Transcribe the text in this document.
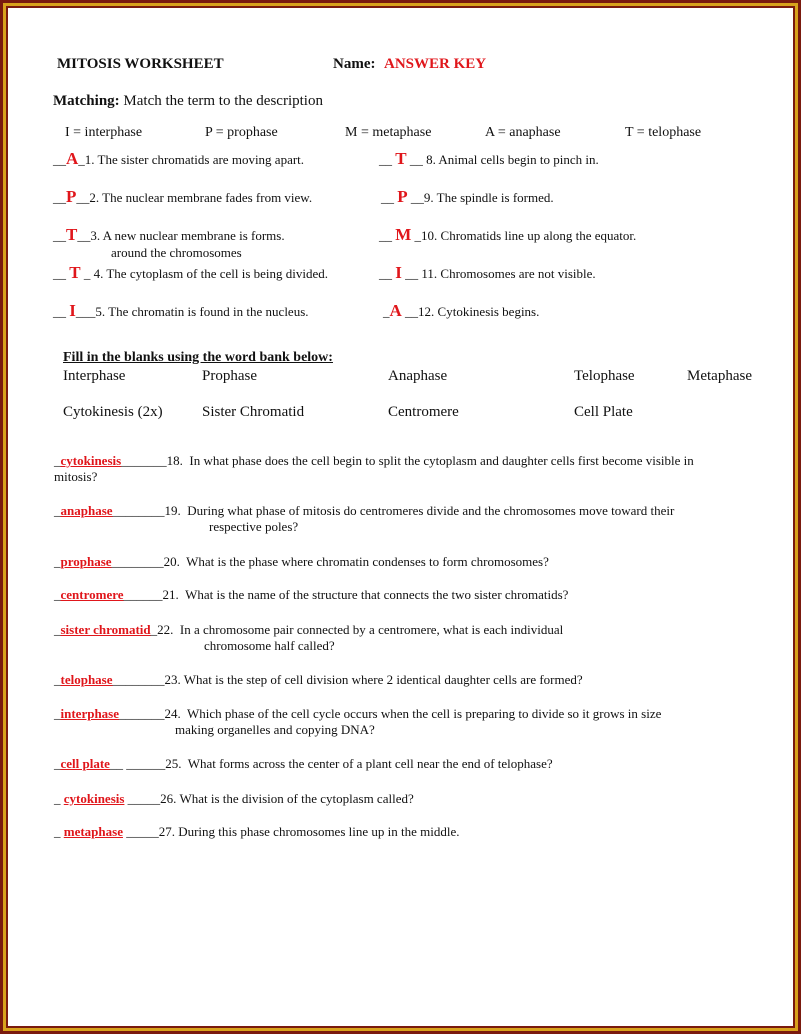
MITOSIS WORKSHEET	Name: ANSWER KEY
Matching: Match the term to the description
I = interphase	P = prophase	M = metaphase	A = anaphase	T = telophase
__A_1. The sister chromatids are moving apart.
__P__2. The nuclear membrane fades from view.
__T__3. A new nuclear membrane is forms.
around the chromosomes
__ T _ 4. The cytoplasm of the cell is being divided.
__ I___5. The chromatin is found in the nucleus.
__ T __ 8. Animal cells begin to pinch in.
__ P __9. The spindle is formed.
__ M _10. Chromatids line up along the equator.
__ I __ 11. Chromosomes are not visible.
_A __12. Cytokinesis begins.
Fill in the blanks using the word bank below:
Interphase	Prophase	Anaphase	Telophase	Metaphase
Cytokinesis (2x)	Sister Chromatid	Centromere	Cell Plate
_cytokinesis_______18. In what phase does the cell begin to split the cytoplasm and daughter cells first become visible in
mitosis?
_anaphase________19. During what phase of mitosis do centromeres divide and the chromosomes move toward their
respective poles?
_prophase________20. What is the phase where chromatin condenses to form chromosomes?
_centromere______21. What is the name of the structure that connects the two sister chromatids?
_sister chromatid_22. In a chromosome pair connected by a centromere, what is each individual
chromosome half called?
_telophase________23. What is the step of cell division where 2 identical daughter cells are formed?
_interphase_______24. Which phase of the cell cycle occurs when the cell is preparing to divide so it grows in size
making organelles and copying DNA?
_cell plate__ ______25. What forms across the center of a plant cell near the end of telophase?
_ cytokinesis _____26. What is the division of the cytoplasm called?
_ metaphase _____27. During this phase chromosomes line up in the middle.
